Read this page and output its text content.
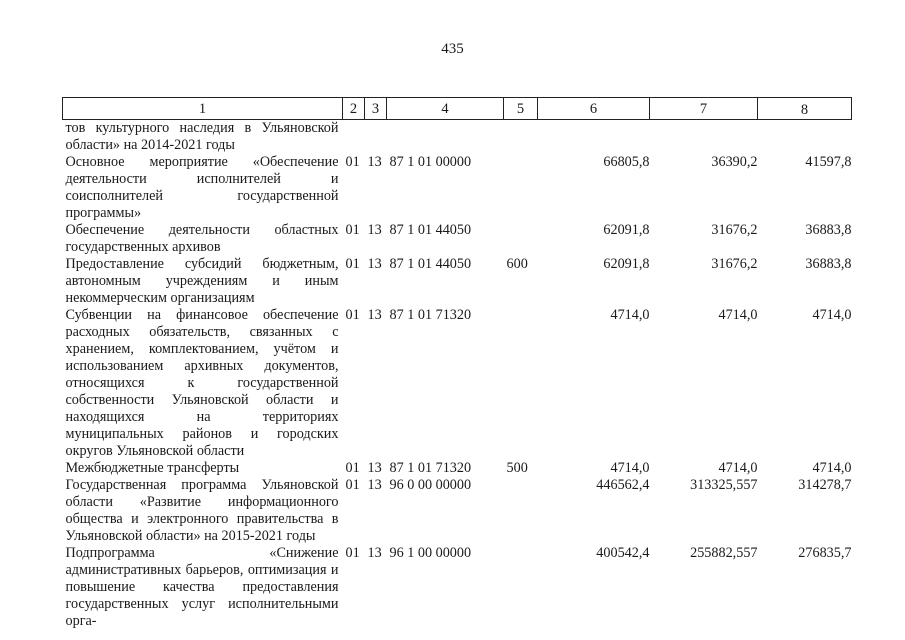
435
1	2	3	4	5	6	7	8
тов культурного наследия в Ульяновской области» на 2014-2021 годы							
Основное мероприятие «Обеспечение деятельности исполнителей и соисполнителей государственной программы»	01	13	87 1 01 00000		66805,8	36390,2	41597,8
Обеспечение деятельности областных государственных архивов	01	13	87 1 01 44050		62091,8	31676,2	36883,8
Предоставление субсидий бюджетным, автономным учреждениям и иным некоммерческим организациям	01	13	87 1 01 44050	600	62091,8	31676,2	36883,8
Субвенции на финансовое обеспечение расходных обязательств, связанных с хранением, комплектованием, учётом и использованием архивных документов, относящихся к государственной собственности Ульяновской области и находящихся на территориях муниципальных районов и городских округов Ульяновской области	01	13	87 1 01 71320		4714,0	4714,0	4714,0
Межбюджетные трансферты	01	13	87 1 01 71320	500	4714,0	4714,0	4714,0
Государственная программа Ульяновской области «Развитие информационного общества и электронного правительства в Ульяновской области» на 2015-2021 годы	01	13	96 0 00 00000		446562,4	313325,557	314278,7
Подпрограмма «Снижение административных барьеров, оптимизация и повышение качества предоставления государственных услуг исполнительными орга-	01	13	96 1 00 00000		400542,4	255882,557	276835,7
